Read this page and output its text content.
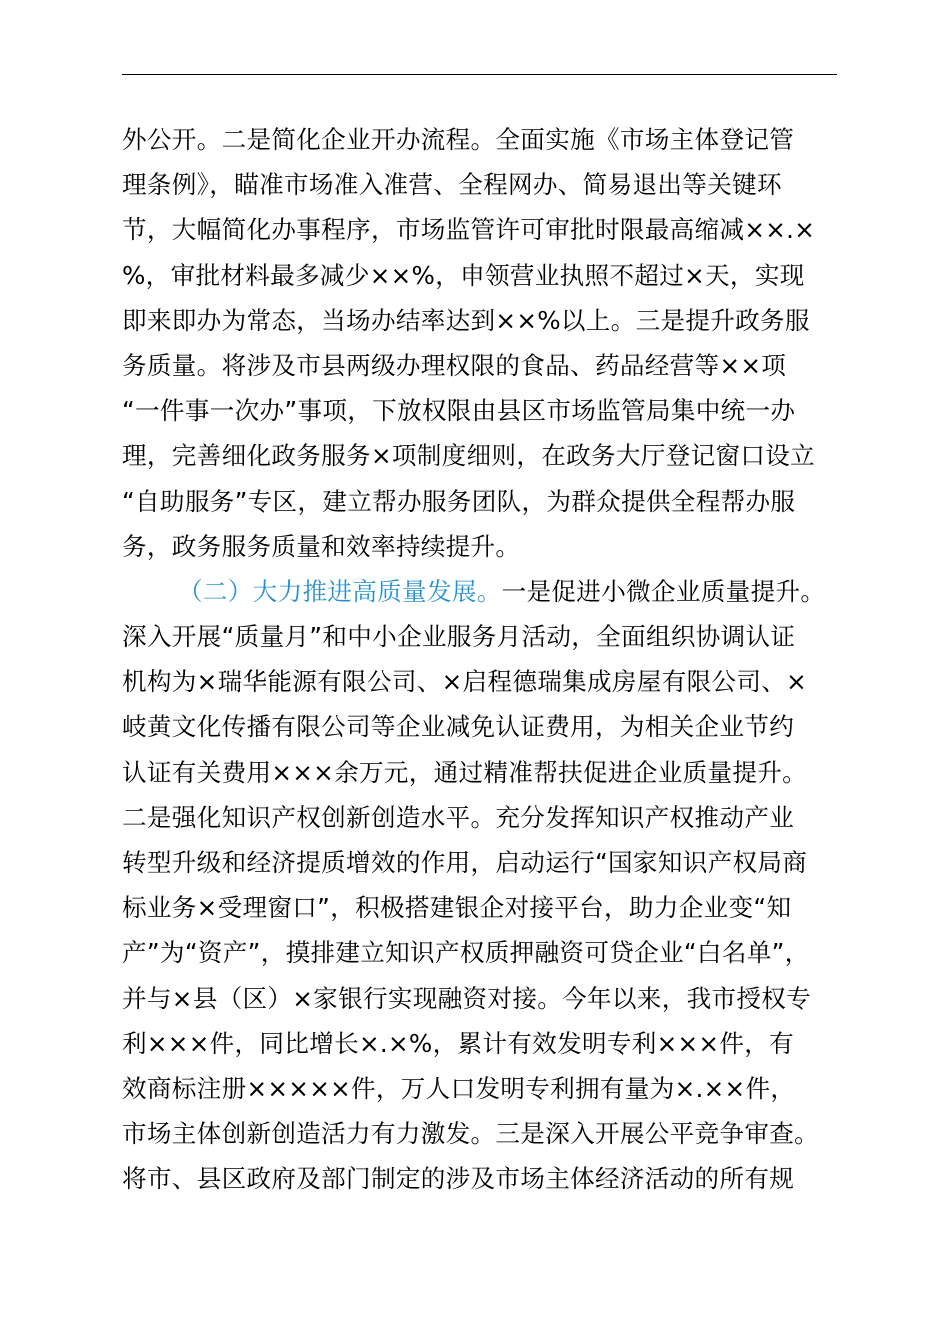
外公开。二是简化企业开办流程。全面实施《市场主体登记管
理条例》，瞄准市场准入准营、全程网办、简易退出等关键环
节，大幅简化办事程序，市场监管许可审批时限最高缩减××.×
%，审批材料最多减少××%，申领营业执照不超过×天，实现
即来即办为常态，当场办结率达到××%以上。三是提升政务服
务质量。将涉及市县两级办理权限的食品、药品经营等××项
“一件事一次办”事项，下放权限由县区市场监管局集中统一办
理，完善细化政务服务×项制度细则，在政务大厅登记窗口设立
“自助服务”专区，建立帮办服务团队，为群众提供全程帮办服
务，政务服务质量和效率持续提升。
（二）大力推进高质量发展。一是促进小微企业质量提升。
深入开展“质量月”和中小企业服务月活动，全面组织协调认证
机构为×瑞华能源有限公司、×启程德瑞集成房屋有限公司、×
岐黄文化传播有限公司等企业减免认证费用，为相关企业节约
认证有关费用×××余万元，通过精准帮扶促进企业质量提升。
二是强化知识产权创新创造水平。充分发挥知识产权推动产业
转型升级和经济提质增效的作用，启动运行“国家知识产权局商
标业务×受理窗口”，积极搭建银企对接平台，助力企业变“知
产”为“资产”，摸排建立知识产权质押融资可贷企业“白名单”，
并与×县（区）×家银行实现融资对接。今年以来，我市授权专
利×××件，同比增长×.×%，累计有效发明专利×××件，有
效商标注册×××××件，万人口发明专利拥有量为×.××件，
市场主体创新创造活力有力激发。三是深入开展公平竞争审查。
将市、县区政府及部门制定的涉及市场主体经济活动的所有规
